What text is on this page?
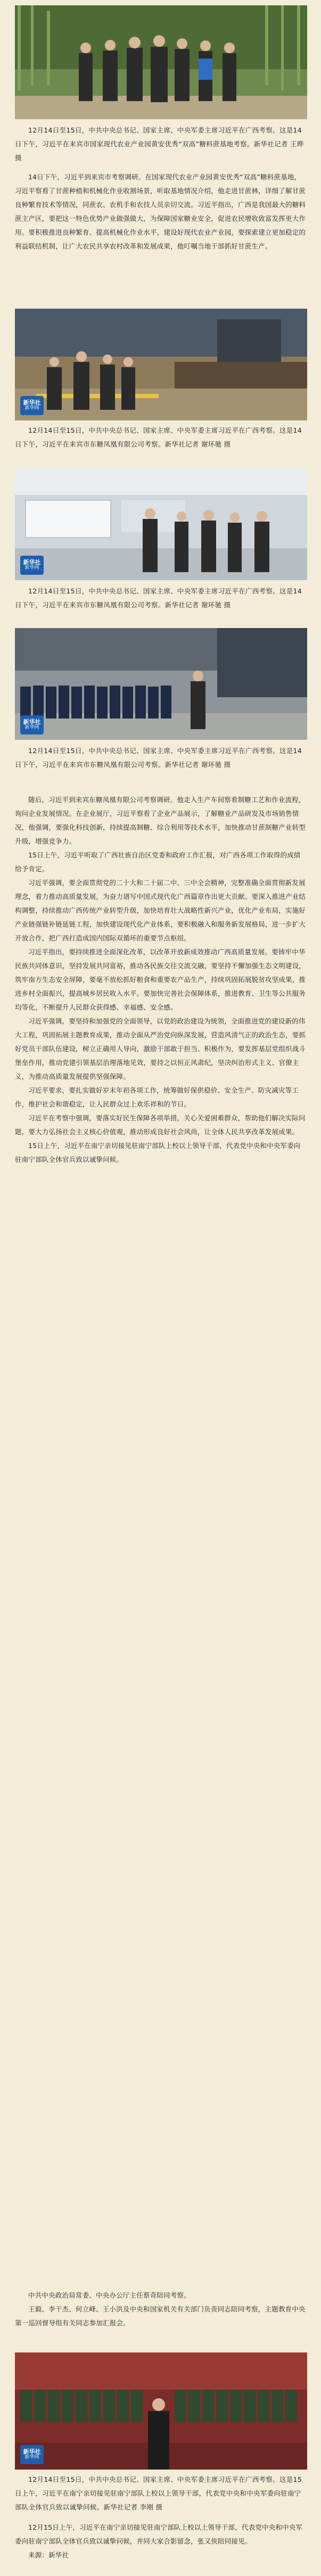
12月14日至15日，中共中央总书记、国家主席、中央军委主席习近平在广西考察。这是14日下午，习近平在来宾市国家现代农业产业园黄安优秀“双高”糖料蔗基地考察。新华社记者 王晔 摄

14日下午，习近平到来宾市考察调研。在国家现代农业产业园黄安优秀“双高”糖料蔗基地，习近平察看了甘蔗种植和机械化作业收割场景，听取基地情况介绍，他走进甘蔗林，详细了解甘蔗良种繁育技术等情况，同蔗农、农机手和农技人员亲切交流。习近平指出，广西是我国最大的糖料蔗主产区，要把这一特色优势产业做强做大，为保障国家糖业安全，促进农民增收致富发挥更大作用。要积极推进良种繁育、提高机械化作业水平，建设好现代农业产业园，要探索建立更加稳定的利益联结机制，让广大农民共享农村改革和发展成果，他叮嘱当地干部抓好甘蔗生产。

新华社
新华网
12月14日至15日，中共中央总书记、国家主席、中央军委主席习近平在广西考察。这是14日下午，习近平在来宾市东糖凤凰有限公司考察。新华社记者 谢环驰 摄
新华社
新华网
12月14日至15日，中共中央总书记、国家主席、中央军委主席习近平在广西考察。这是14日下午，习近平在来宾市东糖凤凰有限公司考察。新华社记者 谢环驰 摄
新华社
新华网
12月14日至15日，中共中央总书记、国家主席、中央军委主席习近平在广西考察。这是14日下午，习近平在来宾市东糖凤凰有限公司考察。新华社记者 谢环驰 摄

随后，习近平到来宾东糖凤凰有限公司考察调研。他走入生产车间察看制糖工艺和作业流程，询问企业发展情况。在企业展厅，习近平察看了企业产品展示，了解糖业产品研发及市场销售情况，他强调，要强化科技创新，持续提高制糖、综合利用等技术水平，加快推动甘蔗制糖产业转型升级，增强竞争力。

15日上午，习近平听取了广西壮族自治区党委和政府工作汇报，对广西各项工作取得的成绩给予肯定。

习近平强调，要全面贯彻党的二十大和二十届二中、三中全会精神，完整准确全面贯彻新发展理念，着力推动高质量发展，为奋力谱写中国式现代化广西篇章作出更大贡献。要深入推进产业结构调整，持续推动广西传统产业转型升级，加快培育壮大战略性新兴产业，优化产业布局，实施好产业链强链补链延链工程，加快建设现代化产业体系，要积极融入和服务新发展格局，进一步扩大开放合作，把广西打造成国内国际双循环的重要节点枢纽。

习近平指出，要持续推进全面深化改革，以改革开放新成效推动广西高质量发展。要铸牢中华民族共同体意识，坚持发展共同富裕，推动各民族交往交流交融，要坚持不懈加强生态文明建设，筑牢南方生态安全屏障，要毫不放松抓好粮食和重要农产品生产，持续巩固拓展脱贫攻坚成果，推进乡村全面振兴，提高城乡居民收入水平。要加快完善社会保障体系，推进教育、卫生等公共服务均等化，不断提升人民群众获得感、幸福感、安全感。

习近平强调，要坚持和加强党的全面领导，以党的政治建设为统领，全面推进党的建设新的伟大工程，巩固拓展主题教育成果，推动全面从严治党向纵深发展，营造风清气正的政治生态，要抓好党员干部队伍建设，树立正确用人导向，激励干部敢于担当、积极作为，要发挥基层党组织战斗堡垒作用，推动党建引领基层治理落地见效，要持之以恒正风肃纪，坚决纠治形式主义、官僚主义，为推动高质量发展提供坚强保障。

习近平要求，要扎实做好岁末年初各项工作，统筹做好保供稳价、安全生产、防灾减灾等工作，维护社会和谐稳定，让人民群众过上欢乐祥和的节日。

习近平在考察中强调，要落实好民生保障各项举措，关心关爱困难群众，帮助他们解决实际问题，要大力弘扬社会主义核心价值观，推动形成良好社会风尚，让全体人民共享改革发展成果。

15日上午，习近平在南宁亲切接见驻南宁部队上校以上领导干部，代表党中央和中央军委向驻南宁部队全体官兵致以诚挚问候。

中共中央政治局常委、中央办公厅主任蔡奇陪同考察。

王毅、李干杰、何立峰、王小洪及中央和国家机关有关部门负责同志陪同考察，主题教育中央第一巡回督导组有关同志参加汇报会。

新华社
新华网
12月14日至15日，中共中央总书记、国家主席、中央军委主席习近平在广西考察。这是15日上午，习近平在南宁亲切接见驻南宁部队上校以上领导干部，代表党中央和中央军委向驻南宁部队全体官兵致以诚挚问候。新华社记者 李刚 摄

12月15日上午，习近平在南宁亲切接见驻南宁部队上校以上领导干部，代表党中央和中央军委向驻南宁部队全体官兵致以诚挚问候，并同大家合影留念，张又侠陪同接见。

来源：新华社
